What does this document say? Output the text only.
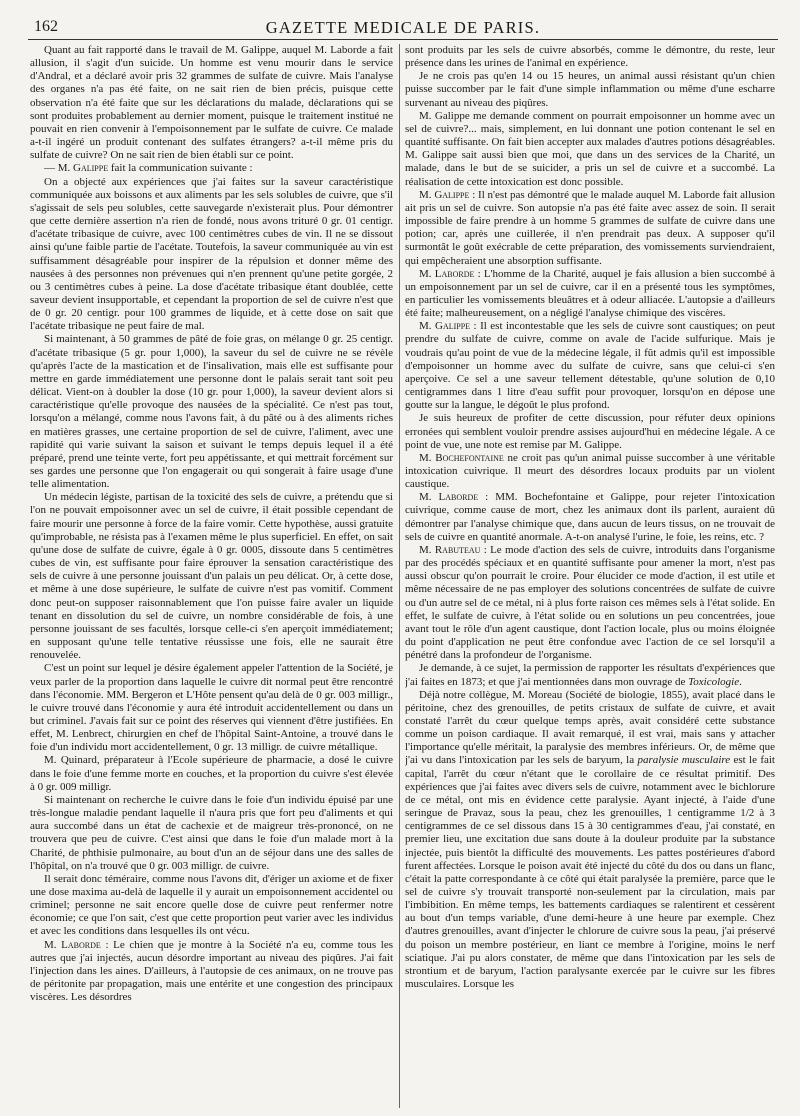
162	GAZETTE MEDICALE DE PARIS.

Quant au fait rapporté dans le travail de M. Galippe, auquel M. Laborde a fait allusion, il s'agit d'un suicide. Un homme est venu mourir dans le service d'Andral, et a déclaré avoir pris 32 grammes de sulfate de cuivre. Mais l'analyse des organes n'a pas été faite, on ne sait rien de bien précis, puisque cette observation n'a été faite que sur les déclarations du malade, déclarations qui se sont produites probablement au dernier moment, puisque le traitement institué ne pouvait en rien convenir à l'empoisonnement par le sulfate de cuivre. Ce malade a-t-il ingéré un produit contenant des sulfates étrangers? a-t-il même pris du sulfate de cuivre? On ne sait rien de bien établi sur ce point.

— M. Galippe fait la communication suivante :

On a objecté aux expériences que j'ai faites sur la saveur caractéristique communiquée aux boissons et aux aliments par les sels solubles de cuivre, que s'il s'agissait de sels peu solubles, cette sauvegarde n'existerait plus. Pour démontrer que cette dernière assertion n'a rien de fondé, nous avons trituré 0 gr. 01 centigr. d'acétate tribasique de cuivre, avec 100 centimètres cubes de vin. Il ne se dissout ainsi qu'une faible partie de l'acétate. Toutefois, la saveur communiquée au vin est suffisamment désagréable pour inspirer de la répulsion et donner même des nausées à des personnes non prévenues qui n'en prennent qu'une petite gorgée, 2 ou 3 centimètres cubes à peine. La dose d'acétate tribasique étant doublée, cette saveur devient insupportable, et cependant la proportion de sel de cuivre n'est que de 0 gr. 20 centigr. pour 100 grammes de liquide, et à cette dose on sait que l'acétate tribasique ne peut faire de mal.

Si maintenant, à 50 grammes de pâté de foie gras, on mélange 0 gr. 25 centigr. d'acétate tribasique (5 gr. pour 1,000), la saveur du sel de cuivre ne se révèle qu'après l'acte de la mastication et de l'insalivation, mais elle est suffisante pour mettre en garde immédiatement une personne dont le palais serait tant soit peu délicat. Vient-on à doubler la dose (10 gr. pour 1,000), la saveur devient alors si caractéristique qu'elle provoque des nausées de la spécialité. Ce n'est pas tout, lorsqu'on a mélangé, comme nous l'avons fait, à du pâté ou à des aliments riches en matières grasses, une certaine proportion de sel de cuivre, l'aliment, avec une rapidité qui varie suivant la saison et suivant le temps depuis lequel il a été préparé, prend une teinte verte, fort peu appétissante, et qui mettrait forcément sur ses gardes une personne que l'on engagerait ou qui songerait à faire usage d'une telle alimentation.

Un médecin légiste, partisan de la toxicité des sels de cuivre, a prétendu que si l'on ne pouvait empoisonner avec un sel de cuivre, il était possible cependant de faire mourir une personne à force de la faire vomir. Cette hypothèse, aussi gratuite qu'improbable, ne résista pas à l'examen même le plus superficiel. En effet, on sait qu'une dose de sulfate de cuivre, égale à 0 gr. 0005, dissoute dans 5 centimètres cubes de vin, est suffisante pour faire éprouver la sensation caractéristique des sels de cuivre à une personne jouissant d'un palais un peu délicat. Or, à cette dose, et même à une dose supérieure, le sulfate de cuivre n'est pas vomitif. Comment donc peut-on supposer raisonnablement que l'on puisse faire avaler un liquide tenant en dissolution du sel de cuivre, un nombre considérable de fois, à une personne jouissant de ses facultés, lorsque celle-ci s'en aperçoit immédiatement; en supposant qu'une telle tentative réussisse une fois, elle ne saurait être renouvelée.

C'est un point sur lequel je désire également appeler l'attention de la Société, je veux parler de la proportion dans laquelle le cuivre dit normal peut être rencontré dans l'économie. MM. Bergeron et L'Hôte pensent qu'au delà de 0 gr. 003 milligr., le cuivre trouvé dans l'économie y aura été introduit accidentellement ou dans un but criminel. J'avais fait sur ce point des réserves qui viennent d'être justifiées. En effet, M. Lenbrect, chirurgien en chef de l'hôpital Saint-Antoine, a trouvé dans le foie d'un individu mort accidentellement, 0 gr. 13 milligr. de cuivre métallique.

M. Quinard, préparateur à l'Ecole supérieure de pharmacie, a dosé le cuivre dans le foie d'une femme morte en couches, et la proportion du cuivre s'est élevée à 0 gr. 009 milligr.

Si maintenant on recherche le cuivre dans le foie d'un individu épuisé par une très-longue maladie pendant laquelle il n'aura pris que fort peu d'aliments et qui aura succombé dans un état de cachexie et de maigreur très-prononcé, on ne trouvera que peu de cuivre. C'est ainsi que dans le foie d'un malade mort à la Charité, de phthisie pulmonaire, au bout d'un an de séjour dans une des salles de l'hôpital, on n'a trouvé que 0 gr. 003 milligr. de cuivre.

Il serait donc téméraire, comme nous l'avons dit, d'ériger un axiome et de fixer une dose maxima au-delà de laquelle il y aurait un empoisonnement accidentel ou criminel; personne ne sait encore quelle dose de cuivre peut renfermer notre économie; ce que l'on sait, c'est que cette proportion peut varier avec les individus et avec les conditions dans lesquelles ils ont vécu.

M. Laborde : Le chien que je montre à la Société n'a eu, comme tous les autres que j'ai injectés, aucun désordre important au niveau des piqûres. J'ai fait l'injection dans les aines. D'ailleurs, à l'autopsie de ces animaux, on ne trouve pas de péritonite par propagation, mais une entérite et une congestion des principaux viscères. Les désordres

sont produits par les sels de cuivre absorbés, comme le démontre, du reste, leur présence dans les urines de l'animal en expérience.

Je ne crois pas qu'en 14 ou 15 heures, un animal aussi résistant qu'un chien puisse succomber par le fait d'une simple inflammation ou même d'une escharre survenant au niveau des piqûres.

M. Galippe me demande comment on pourrait empoisonner un homme avec un sel de cuivre?... mais, simplement, en lui donnant une potion contenant le sel en quantité suffisante. On fait bien accepter aux malades d'autres potions désagréables. M. Galippe sait aussi bien que moi, que dans un des services de la Charité, un malade, dans le but de se suicider, a pris un sel de cuivre et a succombé. La réalisation de cette intoxication est donc possible.

M. Galippe : Il n'est pas démontré que le malade auquel M. Laborde fait allusion ait pris un sel de cuivre. Son autopsie n'a pas été faite avec assez de soin. Il serait impossible de faire prendre à un homme 5 grammes de sulfate de cuivre dans une potion; car, après une cuillerée, il n'en prendrait pas deux. A supposer qu'il surmontât le goût exécrable de cette préparation, des vomissements surviendraient, qui empêcheraient une absorption suffisante.

M. Laborde : L'homme de la Charité, auquel je fais allusion a bien succombé à un empoisonnement par un sel de cuivre, car il en a présenté tous les symptômes, en particulier les vomissements bleuâtres et à odeur alliacée. L'autopsie a d'ailleurs été faite; malheureusement, on a négligé l'analyse chimique des viscères.

M. Galippe : Il est incontestable que les sels de cuivre sont caustiques; on peut prendre du sulfate de cuivre, comme on avale de l'acide sulfurique. Mais je voudrais qu'au point de vue de la médecine légale, il fût admis qu'il est impossible d'empoisonner un homme avec du sulfate de cuivre, sans que celui-ci s'en aperçoive. Ce sel a une saveur tellement détestable, qu'une solution de 0,10 centigrammes dans 1 litre d'eau suffit pour provoquer, lorsqu'on en dépose une goutte sur la langue, le dégoût le plus profond.

Je suis heureux de profiter de cette discussion, pour réfuter deux opinions erronées qui semblent vouloir prendre assises aujourd'hui en médecine légale. A ce point de vue, une note est remise par M. Galippe.

M. Bochefontaine ne croit pas qu'un animal puisse succomber à une véritable intoxication cuivrique. Il meurt des désordres locaux produits par un violent caustique.

M. Laborde : MM. Bochefontaine et Galippe, pour rejeter l'intoxication cuivrique, comme cause de mort, chez les animaux dont ils parlent, auraient dû démontrer par l'analyse chimique que, dans aucun de leurs tissus, on ne trouvait de sels de cuivre en quantité anormale. A-t-on analysé l'urine, le foie, les reins, etc. ?

M. Rabuteau : Le mode d'action des sels de cuivre, introduits dans l'organisme par des procédés spéciaux et en quantité suffisante pour amener la mort, n'est pas aussi obscur qu'on pourrait le croire. Pour élucider ce mode d'action, il est utile et même nécessaire de ne pas employer des solutions concentrées de sulfate de cuivre ou d'un autre sel de ce métal, ni à plus forte raison ces mêmes sels à l'état solide. En effet, le sulfate de cuivre, à l'état solide ou en solutions un peu concentrées, joue avant tout le rôle d'un agent caustique, dont l'action locale, plus ou moins éloignée du point d'application ne peut être confondue avec l'action de ce sel lorsqu'il a pénétré dans la profondeur de l'organisme.

Je demande, à ce sujet, la permission de rapporter les résultats d'expériences que j'ai faites en 1873; et que j'ai mentionnées dans mon ouvrage de Toxicologie.

Déjà notre collègue, M. Moreau (Société de biologie, 1855), avait placé dans le péritoine, chez des grenouilles, de petits cristaux de sulfate de cuivre, et avait constaté l'arrêt du cœur quelque temps après, avait considéré cette substance comme un poison cardiaque. Il avait remarqué, il est vrai, mais sans y attacher l'importance qu'elle méritait, la paralysie des membres inférieurs. Or, de même que j'ai vu dans l'intoxication par les sels de baryum, la paralysie musculaire est le fait capital, l'arrêt du cœur n'étant que le corollaire de ce résultat primitif. Des expériences que j'ai faites avec divers sels de cuivre, notamment avec le bichlorure de ce métal, ont mis en évidence cette paralysie. Ayant injecté, à l'aide d'une seringue de Pravaz, sous la peau, chez les grenouilles, 1 centigramme 1/2 à 3 centigrammes de ce sel dissous dans 15 à 30 centigrammes d'eau, j'ai constaté, en premier lieu, une excitation due sans doute à la douleur produite par la substance injectée, puis bientôt la difficulté des mouvements. Les pattes postérieures d'abord furent affectées. Lorsque le poison avait été injecté du côté du dos ou dans un flanc, c'était la patte correspondante à ce côté qui était paralysée la première, parce que le sel de cuivre s'y trouvait transporté non-seulement par la circulation, mais par l'imbibition. En même temps, les battements cardiaques se ralentirent et cessèrent au bout d'un temps variable, d'une demi-heure à une heure par exemple. Chez d'autres grenouilles, avant d'injecter le chlorure de cuivre sous la peau, j'ai préservé du poison un membre postérieur, en liant ce membre à l'origine, moins le nerf sciatique. J'ai pu alors constater, de même que dans l'intoxication par les sels de strontium et de baryum, l'action paralysante exercée par le cuivre sur les fibres musculaires. Lorsque les
